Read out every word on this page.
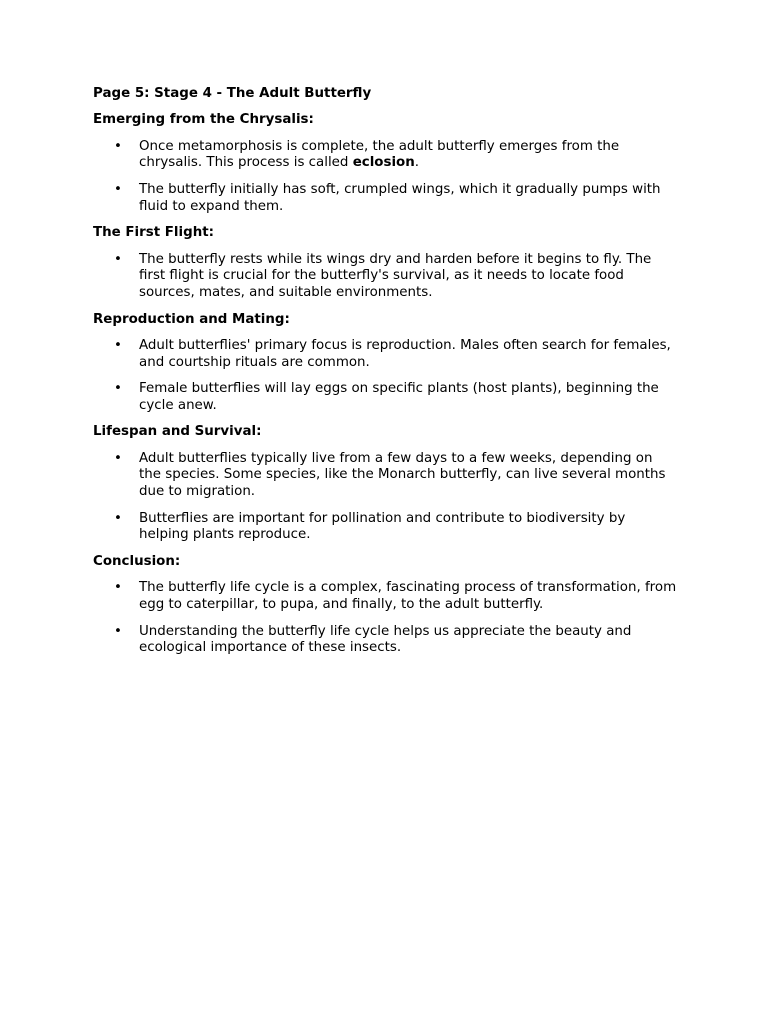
Page 5: Stage 4 - The Adult Butterfly
Emerging from the Chrysalis:
• Once metamorphosis is complete, the adult butterfly emerges from the chrysalis. This process is called eclosion.
• The butterfly initially has soft, crumpled wings, which it gradually pumps with fluid to expand them.
The First Flight:
• The butterfly rests while its wings dry and harden before it begins to fly. The first flight is crucial for the butterfly's survival, as it needs to locate food sources, mates, and suitable environments.
Reproduction and Mating:
• Adult butterflies' primary focus is reproduction. Males often search for females, and courtship rituals are common.
• Female butterflies will lay eggs on specific plants (host plants), beginning the cycle anew.
Lifespan and Survival:
• Adult butterflies typically live from a few days to a few weeks, depending on the species. Some species, like the Monarch butterfly, can live several months due to migration.
• Butterflies are important for pollination and contribute to biodiversity by helping plants reproduce.
Conclusion:
• The butterfly life cycle is a complex, fascinating process of transformation, from egg to caterpillar, to pupa, and finally, to the adult butterfly.
• Understanding the butterfly life cycle helps us appreciate the beauty and ecological importance of these insects.
